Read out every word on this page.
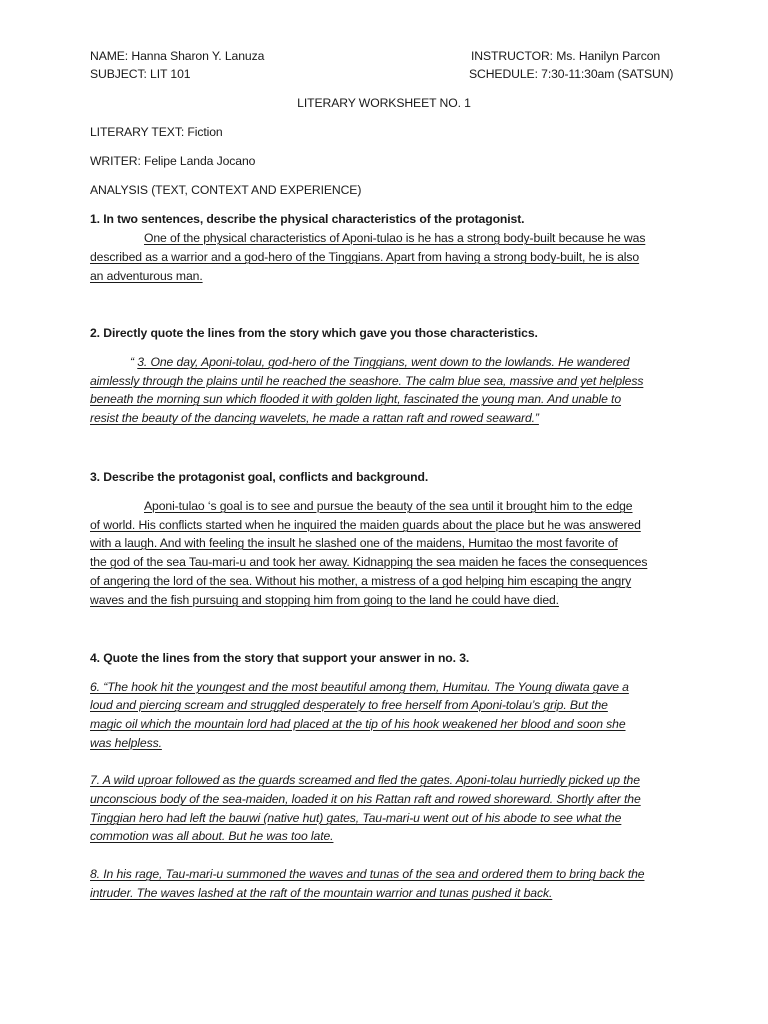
NAME: Hanna Sharon Y. Lanuza
SUBJECT: LIT 101
INSTRUCTOR: Ms. Hanilyn Parcon
SCHEDULE: 7:30-11:30am (SATSUN)
LITERARY WORKSHEET NO. 1
LITERARY TEXT: Fiction
WRITER: Felipe Landa Jocano
ANALYSIS (TEXT, CONTEXT AND EXPERIENCE)
1. In two sentences, describe the physical characteristics of the protagonist.
One of the physical characteristics of Aponi-tulao is he has a strong body-built because he was
described as a warrior and a god-hero of the Tinggians. Apart from having a strong body-built, he is also
an adventurous man.
2. Directly quote the lines from the story which gave you those characteristics.
“ 3. One day, Aponi-tolau, god-hero of the Tinggians, went down to the lowlands. He wandered
aimlessly through the plains until he reached the seashore. The calm blue sea, massive and yet helpless
beneath the morning sun which flooded it with golden light, fascinated the young man. And unable to
resist the beauty of the dancing wavelets, he made a rattan raft and rowed seaward.”
3. Describe the protagonist goal, conflicts and background.
Aponi-tulao ‘s goal is to see and pursue the beauty of the sea until it brought him to the edge
of world. His conflicts started when he inquired the maiden guards about the place but he was answered
with a laugh. And with feeling the insult he slashed one of the maidens, Humitao the most favorite of
the god of the sea Tau-mari-u and took her away. Kidnapping the sea maiden he faces the consequences
of angering the lord of the sea. Without his mother, a mistress of a god helping him escaping the angry
waves and the fish pursuing and stopping him from going to the land he could have died.
4. Quote the lines from the story that support your answer in no. 3.
6. “The hook hit the youngest and the most beautiful among them, Humitau. The Young diwata gave a
loud and piercing scream and struggled desperately to free herself from Aponi-tolau’s grip. But the
magic oil which the mountain lord had placed at the tip of his hook weakened her blood and soon she
was helpless.
7. A wild uproar followed as the guards screamed and fled the gates. Aponi-tolau hurriedly picked up the
unconscious body of the sea-maiden, loaded it on his Rattan raft and rowed shoreward. Shortly after the
Tinggian hero had left the bauwi (native hut) gates, Tau-mari-u went out of his abode to see what the
commotion was all about. But he was too late.
8. In his rage, Tau-mari-u summoned the waves and tunas of the sea and ordered them to bring back the
intruder. The waves lashed at the raft of the mountain warrior and tunas pushed it back.
